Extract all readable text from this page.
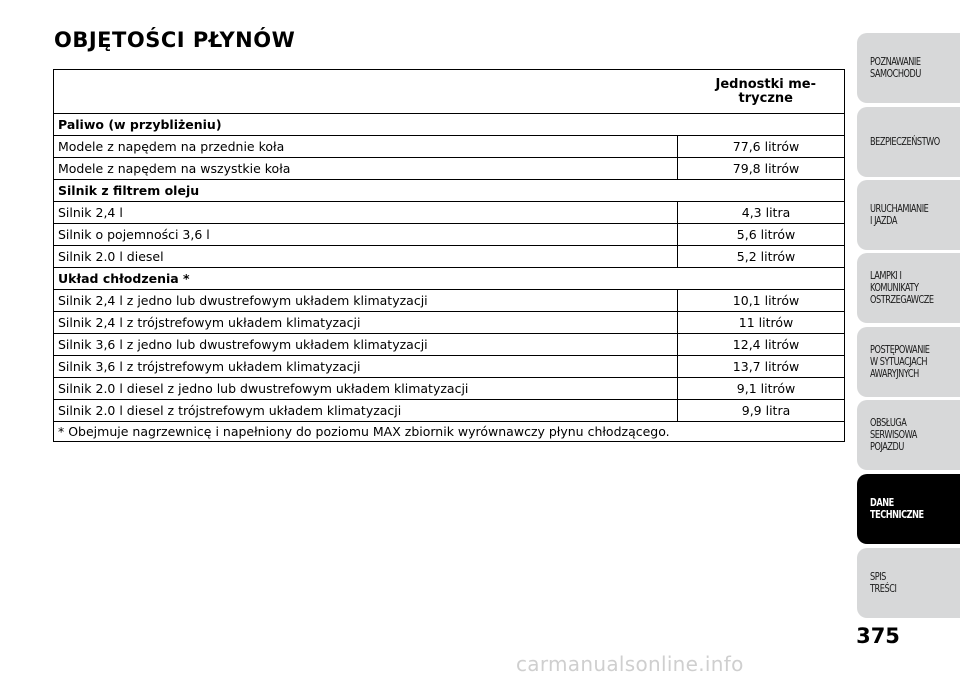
OBJĘTOŚCI PŁYNÓW
	Jednostki me-
tryczne
Paliwo (w przybliżeniu)	
Modele z napędem na przednie koła	77,6 litrów
Modele z napędem na wszystkie koła	79,8 litrów
Silnik z filtrem oleju	
Silnik 2,4 l	4,3 litra
Silnik o pojemności 3,6 l	5,6 litrów
Silnik 2.0 l diesel	5,2 litrów
Układ chłodzenia *	
Silnik 2,4 l z jedno lub dwustrefowym układem klimatyzacji	10,1 litrów
Silnik 2,4 l z trójstrefowym układem klimatyzacji	11 litrów
Silnik 3,6 l z jedno lub dwustrefowym układem klimatyzacji	12,4 litrów
Silnik 3,6 l z trójstrefowym układem klimatyzacji	13,7 litrów
Silnik 2.0 l diesel z jedno lub dwustrefowym układem klimatyzacji	9,1 litrów
Silnik 2.0 l diesel z trójstrefowym układem klimatyzacji	9,9 litra
* Obejmuje nagrzewnicę i napełniony do poziomu MAX zbiornik wyrównawczy płynu chłodzącego.	
POZNAWANIE
SAMOCHODU
BEZPIECZEŃSTWO
URUCHAMIANIE
I JAZDA
LAMPKI I
KOMUNIKATY
OSTRZEGAWCZE
POSTĘPOWANIE
W SYTUACJACH
AWARYJNYCH
OBSŁUGA
SERWISOWA
POJAZDU
DANE
TECHNICZNE
SPIS
TREŚCI
375
carmanualsonline.info
